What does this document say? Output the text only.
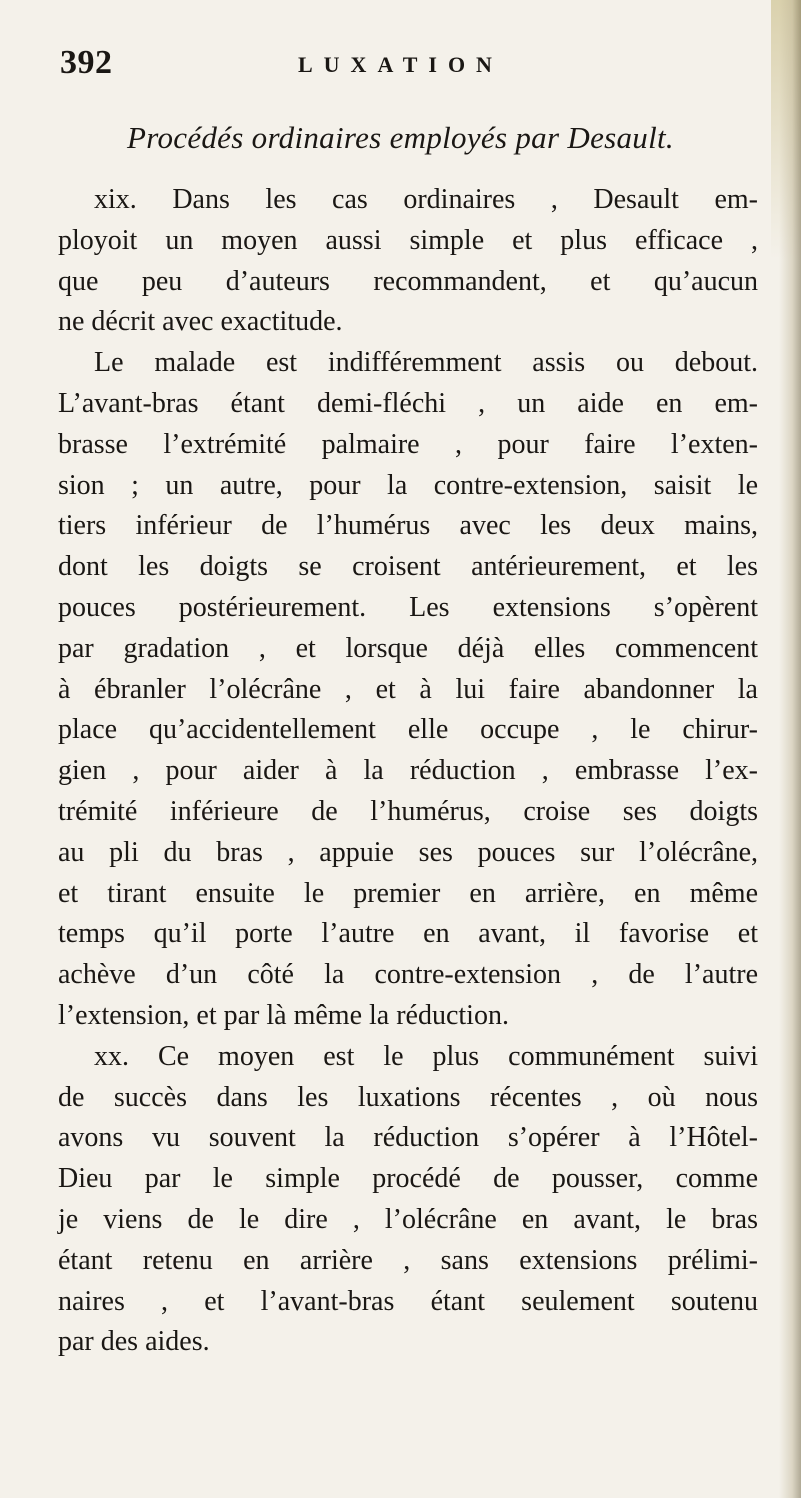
392	LUXATION
Procédés ordinaires employés par Desault.
xix. Dans les cas ordinaires , Desault em-
ployoit un moyen aussi simple et plus efficace ,
que peu d’auteurs recommandent, et qu’aucun
ne décrit avec exactitude.
Le malade est indifféremment assis ou debout.
L’avant-bras étant demi-fléchi , un aide en em-
brasse l’extrémité palmaire , pour faire l’exten-
sion ; un autre, pour la contre-extension, saisit le
tiers inférieur de l’humérus avec les deux mains,
dont les doigts se croisent antérieurement, et les
pouces postérieurement. Les extensions s’opèrent
par gradation , et lorsque déjà elles commencent
à ébranler l’olécrâne , et à lui faire abandonner la
place qu’accidentellement elle occupe , le chirur-
gien , pour aider à la réduction , embrasse l’ex-
trémité inférieure de l’humérus, croise ses doigts
au pli du bras , appuie ses pouces sur l’olécrâne,
et tirant ensuite le premier en arrière, en même
temps qu’il porte l’autre en avant, il favorise et
achève d’un côté la contre-extension , de l’autre
l’extension, et par là même la réduction.
xx. Ce moyen est le plus communément suivi
de succès dans les luxations récentes , où nous
avons vu souvent la réduction s’opérer à l’Hôtel-
Dieu par le simple procédé de pousser, comme
je viens de le dire , l’olécrâne en avant, le bras
étant retenu en arrière , sans extensions prélimi-
naires , et l’avant-bras étant seulement soutenu
par des aides.
